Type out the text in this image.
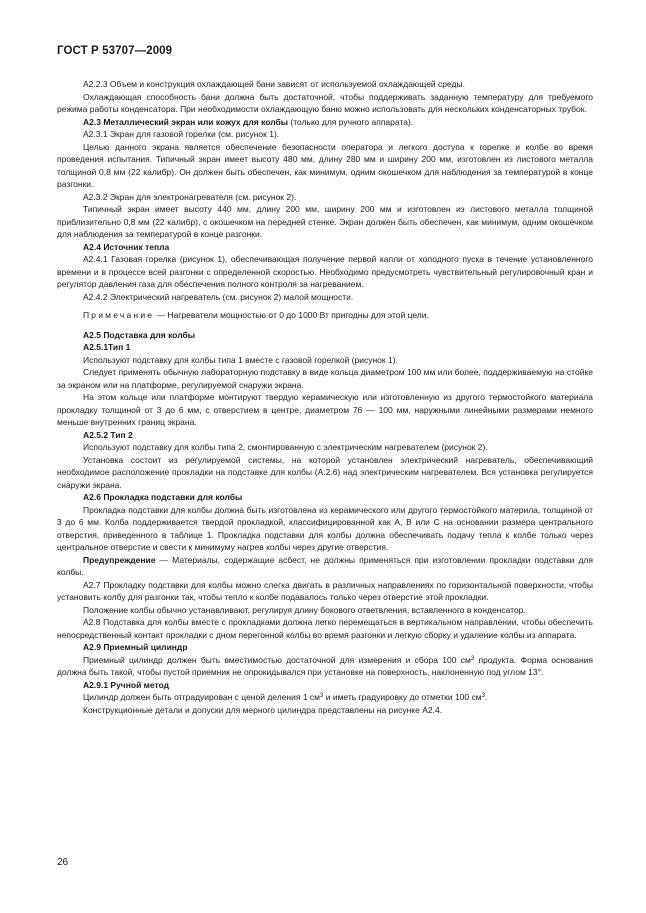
ГОСТ Р 53707—2009

А2.2.3 Объем и конструкция охлаждающей бани зависят от используемой охлаждающей среды.

Охлаждающая способность бани должна быть достаточной, чтобы поддерживать заданную температуру для требуемого режима работы конденсатора. При необходимости охлаждающую баню можно использовать для нескольких конденсаторных трубок.

А2.3 Металлический экран или кожух для колбы (только для ручного аппарата).

А2.3.1 Экран для газовой горелки (см. рисунок 1).

Целью данного экрана является обеспечение безопасности оператора и легкого доступа к горелке и колбе во время проведения испытания. Типичный экран имеет высоту 480 мм, длину 280 мм и ширину 200 мм, изготовлен из листового металла толщиной 0,8 мм (22 калибр). Он должен быть обеспечен, как минимум, одним окошечком для наблюдения за температурой в конце разгонки.

А2.3.2 Экран для электронагревателя (см. рисунок 2).

Типичный экран имеет высоту 440 мм, длину 200 мм, ширину 200 мм и изготовлен из листового металла толщиной приблизительно 0,8 мм (22 калибр), с окошечком на передней стенке. Экран должен быть обеспечен, как минимум, одним окошечком для наблюдения за температурой в конце разгонки.

А2.4 Источник тепла

А2.4.1 Газовая горелка (рисунок 1), обеспечивающая получение первой капли от холодного пуска в течение установленного времени и в процессе всей разгонки с определенной скоростью. Необходимо предусмотреть чувствительный регулировочный кран и регулятор давления газа для обеспечения полного контроля за нагреванием.

А2.4.2 Электрический нагреватель (см. рисунок 2) малой мощности.

Примечание — Нагреватели мощностью от 0 до 1000 Вт пригодны для этой цели.

А2.5 Подставка для колбы

А2.5.1Тип 1

Используют подставку для колбы типа 1 вместе с газовой горелкой (рисунок 1).

Следует применять обычную лабораторную подставку в виде кольца диаметром 100 мм или более, поддерживаемую на стойке за экраном или на платформе, регулируемой снаружи экрана.

На этом кольце или платформе монтируют твердую керамическую или изготовленную из другого термостойкого материала прокладку толщиной от 3 до 6 мм, с отверстием в центре, диаметром 76 — 100 мм, наружными линейными размерами немного меньше внутренних границ экрана.

А2.5.2 Тип 2

Используют подставку для колбы типа 2, смонтированную с электрическим нагревателем (рисунок 2).

Установка состоит из регулируемой системы, на которой установлен электрический нагреватель, обеспечивающий необходимое расположение прокладки на подставке для колбы (А.2.6) над электрическим нагревателем. Вся установка регулируется снаружи экрана.

А2.6 Прокладка подставки для колбы

Прокладка подставки для колбы должна быть изготовлена из керамического или другого термостойкого материла, толщиной от 3 до 6 мм. Колба поддерживается твердой прокладкой, классифицированной как А, В или С на основании размера центрального отверстия, приведенного в таблице 1. Прокладка подставки для колбы должна обеспечивать подачу тепла к колбе только через центральное отверстие и свести к минимуму нагрев колбы через другие отверстия.

Предупреждение — Материалы, содержащие асбест, не должны применяться при изготовлении прокладки подставки для колбы.

А2.7 Прокладку подставки для колбы можно слегка двигать в различных направлениях по горизонтальной поверхности, чтобы установить колбу для разгонки так, чтобы тепло к колбе подавалось только через отверстие этой прокладки.

Положение колбы обычно устанавливают, регулируя длину бокового ответвления, вставленного в конденсатор.

А2.8 Подставка для колбы вместе с прокладками должна легко перемещаться в вертикальном направлении, чтобы обеспечить непосредственный контакт прокладки с дном перегонной колбы во время разгонки и легкую сборку и удаление колбы из аппарата.

А2.9 Приемный цилиндр

Приемный цилиндр должен быть вместимостью достаточной для измерения и сбора 100 $см^3$ продукта. Форма основания должна быть такой, чтобы пустой приемник не опрокидывался при установке на поверхность, наклоненную под углом 13°.

А2.9.1 Ручной метод

Цилиндр должен быть отградуирован с ценой деления 1 $см^3$ и иметь градуировку до отметки 100 $см^3$.

Конструкционные детали и допуски для мерного цилиндра представлены на рисунке А2.4.

26
